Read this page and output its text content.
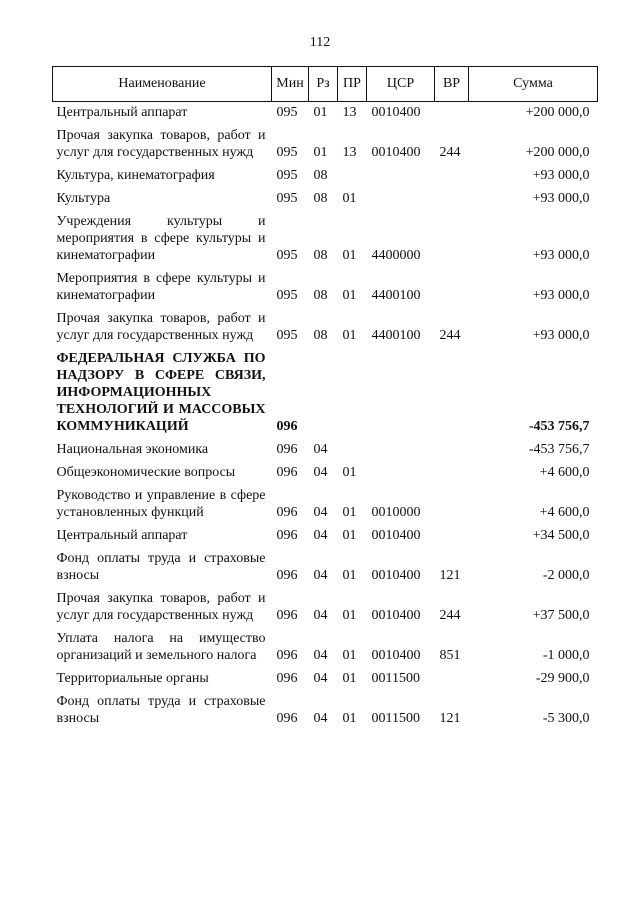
112
Наименование	Мин	Рз	ПР	ЦСР	ВР	Сумма
Центральный аппарат	095	01	13	0010400		+200 000,0
Прочая закупка товаров, работ и услуг для государственных нужд	095	01	13	0010400	244	+200 000,0
Культура, кинематография	095	08				+93 000,0
Культура	095	08	01			+93 000,0
Учреждения культуры и мероприятия в сфере культуры и кинематографии	095	08	01	4400000		+93 000,0
Мероприятия в сфере культуры и кинематографии	095	08	01	4400100		+93 000,0
Прочая закупка товаров, работ и услуг для государственных нужд	095	08	01	4400100	244	+93 000,0
ФЕДЕРАЛЬНАЯ СЛУЖБА ПО НАДЗОРУ В СФЕРЕ СВЯЗИ, ИНФОРМАЦИОННЫХ ТЕХНОЛОГИЙ И МАССОВЫХ КОММУНИКАЦИЙ	096					-453 756,7
Национальная экономика	096	04				-453 756,7
Общеэкономические вопросы	096	04	01			+4 600,0
Руководство и управление в сфере установленных функций	096	04	01	0010000		+4 600,0
Центральный аппарат	096	04	01	0010400		+34 500,0
Фонд оплаты труда и страховые взносы	096	04	01	0010400	121	-2 000,0
Прочая закупка товаров, работ и услуг для государственных нужд	096	04	01	0010400	244	+37 500,0
Уплата налога на имущество организаций и земельного налога	096	04	01	0010400	851	-1 000,0
Территориальные органы	096	04	01	0011500		-29 900,0
Фонд оплаты труда и страховые взносы	096	04	01	0011500	121	-5 300,0
